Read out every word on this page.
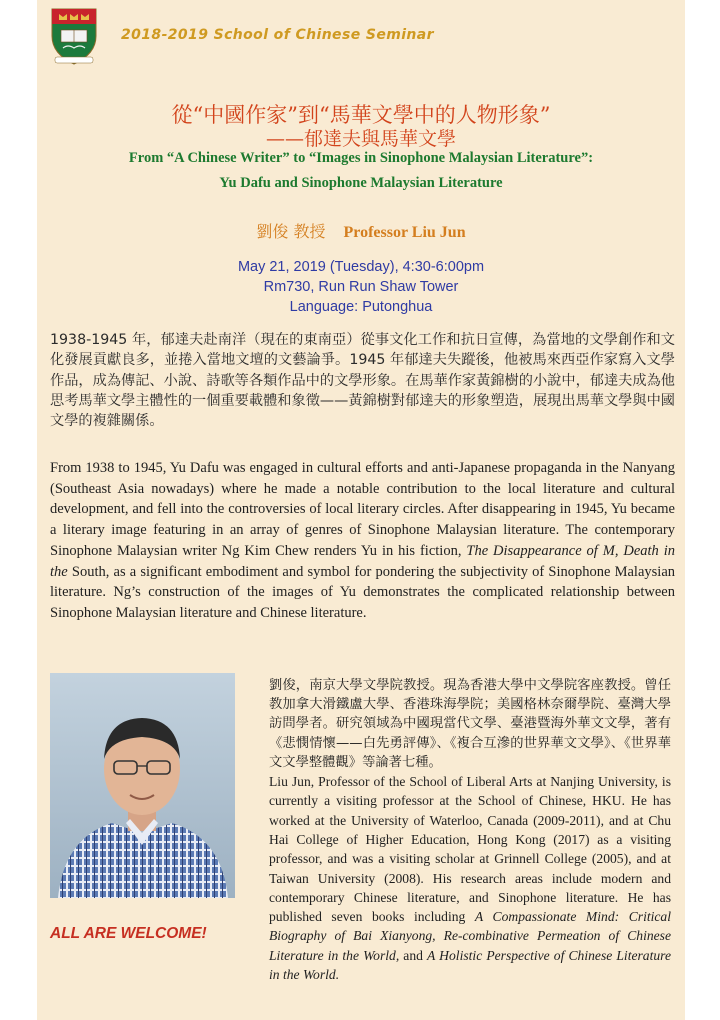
2018-2019 School of Chinese Seminar
從“中國作家”到“馬華文學中的人物形象”
——郁達夫與馬華文學
From “A Chinese Writer” to “Images in Sinophone Malaysian Literature”:
Yu Dafu and Sinophone Malaysian Literature
劉俊 教授 Professor Liu Jun
May 21, 2019 (Tuesday), 4:30-6:00pm
Rm730, Run Run Shaw Tower
Language: Putonghua
1938-1945 年，郁達夫赴南洋（現在的東南亞）從事文化工作和抗日宣傳，為當地的文學創作和文化發展貢獻良多，並捲入當地文壇的文藝論爭。1945 年郁達夫失蹤後，他被馬來西亞作家寫入文學作品，成為傳記、小說、詩歌等各類作品中的文學形象。在馬華作家黃錦樹的小說中，郁達夫成為他思考馬華文學主體性的一個重要載體和象徵——黃錦樹對郁達夫的形象塑造，展現出馬華文學與中國文學的複雜關係。
From 1938 to 1945, Yu Dafu was engaged in cultural efforts and anti-Japanese propaganda in the Nanyang (Southeast Asia nowadays) where he made a notable contribution to the local literature and cultural development, and fell into the controversies of local literary circles. After disappearing in 1945, Yu became a literary image featuring in an array of genres of Sinophone Malaysian literature. The contemporary Sinophone Malaysian writer Ng Kim Chew renders Yu in his fiction, The Disappearance of M, Death in the South, as a significant embodiment and symbol for pondering the subjectivity of Sinophone Malaysian literature. Ng’s construction of the images of Yu demonstrates the complicated relationship between Sinophone Malaysian literature and Chinese literature.
ALL ARE WELCOME!
劉俊，南京大學文學院教授。現為香港大學中文學院客座教授。曾任教加拿大滑鐵盧大學、香港珠海學院；美國格林奈爾學院、臺灣大學訪問學者。研究領域為中國現當代文學、臺港暨海外華文文學，著有《悲憫情懷——白先勇評傳》、《複合互滲的世界華文文學》、《世界華文文學整體觀》等論著七種。
Liu Jun, Professor of the School of Liberal Arts at Nanjing University, is currently a visiting professor at the School of Chinese, HKU. He has worked at the University of Waterloo, Canada (2009-2011), and at Chu Hai College of Higher Education, Hong Kong (2017) as a visiting professor, and was a visiting scholar at Grinnell College (2005), and at Taiwan University (2008). His research areas include modern and contemporary Chinese literature, and Sinophone literature. He has published seven books including A Compassionate Mind: Critical Biography of Bai Xianyong, Re-combinative Permeation of Chinese Literature in the World, and A Holistic Perspective of Chinese Literature in the World.
